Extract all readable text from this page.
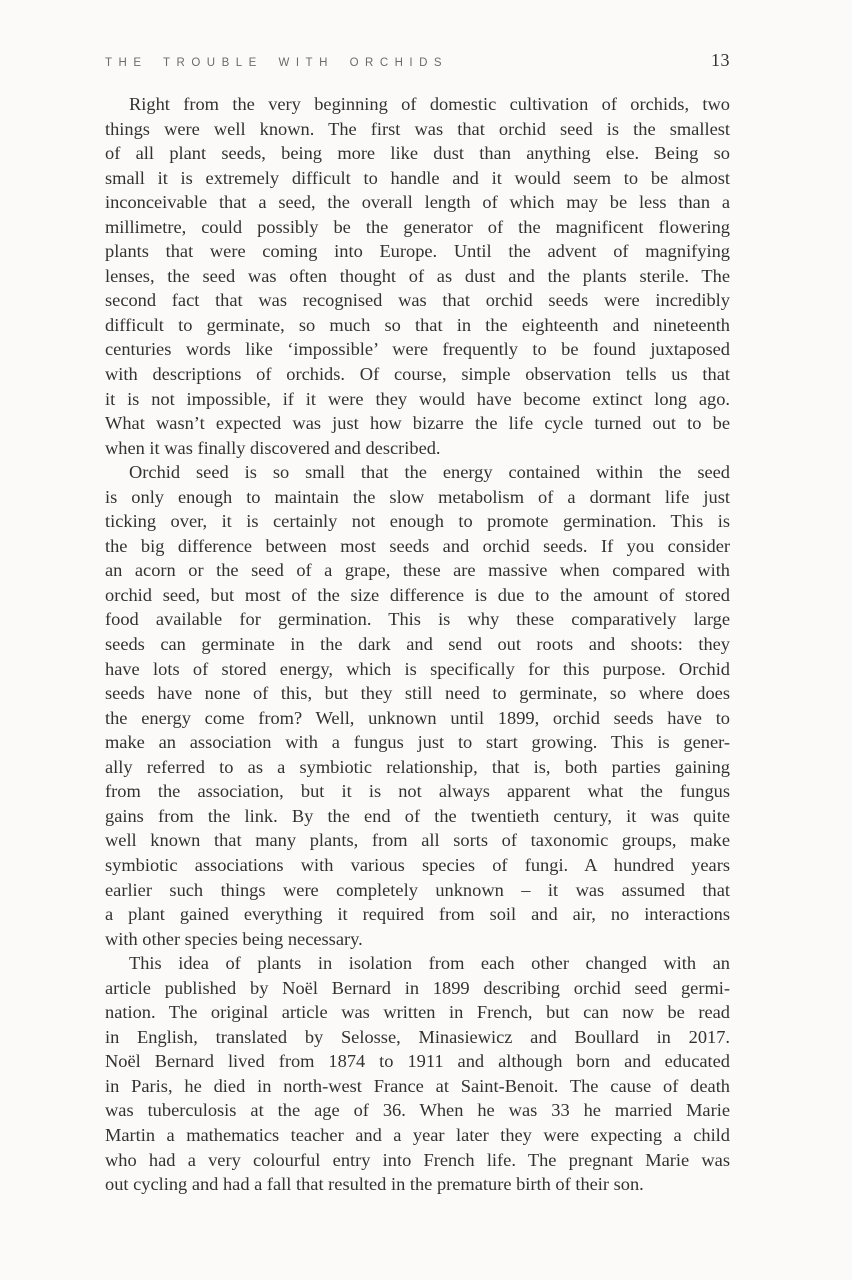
THE TROUBLE WITH ORCHIDS	13
Right from the very beginning of domestic cultivation of orchids, two
things were well known. The first was that orchid seed is the smallest
of all plant seeds, being more like dust than anything else. Being so
small it is extremely difficult to handle and it would seem to be almost
inconceivable that a seed, the overall length of which may be less than a
millimetre, could possibly be the generator of the magnificent flowering
plants that were coming into Europe. Until the advent of magnifying
lenses, the seed was often thought of as dust and the plants sterile. The
second fact that was recognised was that orchid seeds were incredibly
difficult to germinate, so much so that in the eighteenth and nineteenth
centuries words like ‘impossible’ were frequently to be found juxtaposed
with descriptions of orchids. Of course, simple observation tells us that
it is not impossible, if it were they would have become extinct long ago.
What wasn’t expected was just how bizarre the life cycle turned out to be
when it was finally discovered and described.
Orchid seed is so small that the energy contained within the seed
is only enough to maintain the slow metabolism of a dormant life just
ticking over, it is certainly not enough to promote germination. This is
the big difference between most seeds and orchid seeds. If you consider
an acorn or the seed of a grape, these are massive when compared with
orchid seed, but most of the size difference is due to the amount of stored
food available for germination. This is why these comparatively large
seeds can germinate in the dark and send out roots and shoots: they
have lots of stored energy, which is specifically for this purpose. Orchid
seeds have none of this, but they still need to germinate, so where does
the energy come from? Well, unknown until 1899, orchid seeds have to
make an association with a fungus just to start growing. This is gener-
ally referred to as a symbiotic relationship, that is, both parties gaining
from the association, but it is not always apparent what the fungus
gains from the link. By the end of the twentieth century, it was quite
well known that many plants, from all sorts of taxonomic groups, make
symbiotic associations with various species of fungi. A hundred years
earlier such things were completely unknown – it was assumed that
a plant gained everything it required from soil and air, no interactions
with other species being necessary.
This idea of plants in isolation from each other changed with an
article published by Noël Bernard in 1899 describing orchid seed germi-
nation. The original article was written in French, but can now be read
in English, translated by Selosse, Minasiewicz and Boullard in 2017.
Noël Bernard lived from 1874 to 1911 and although born and educated
in Paris, he died in north-west France at Saint-Benoit. The cause of death
was tuberculosis at the age of 36. When he was 33 he married Marie
Martin a mathematics teacher and a year later they were expecting a child
who had a very colourful entry into French life. The pregnant Marie was
out cycling and had a fall that resulted in the premature birth of their son.
